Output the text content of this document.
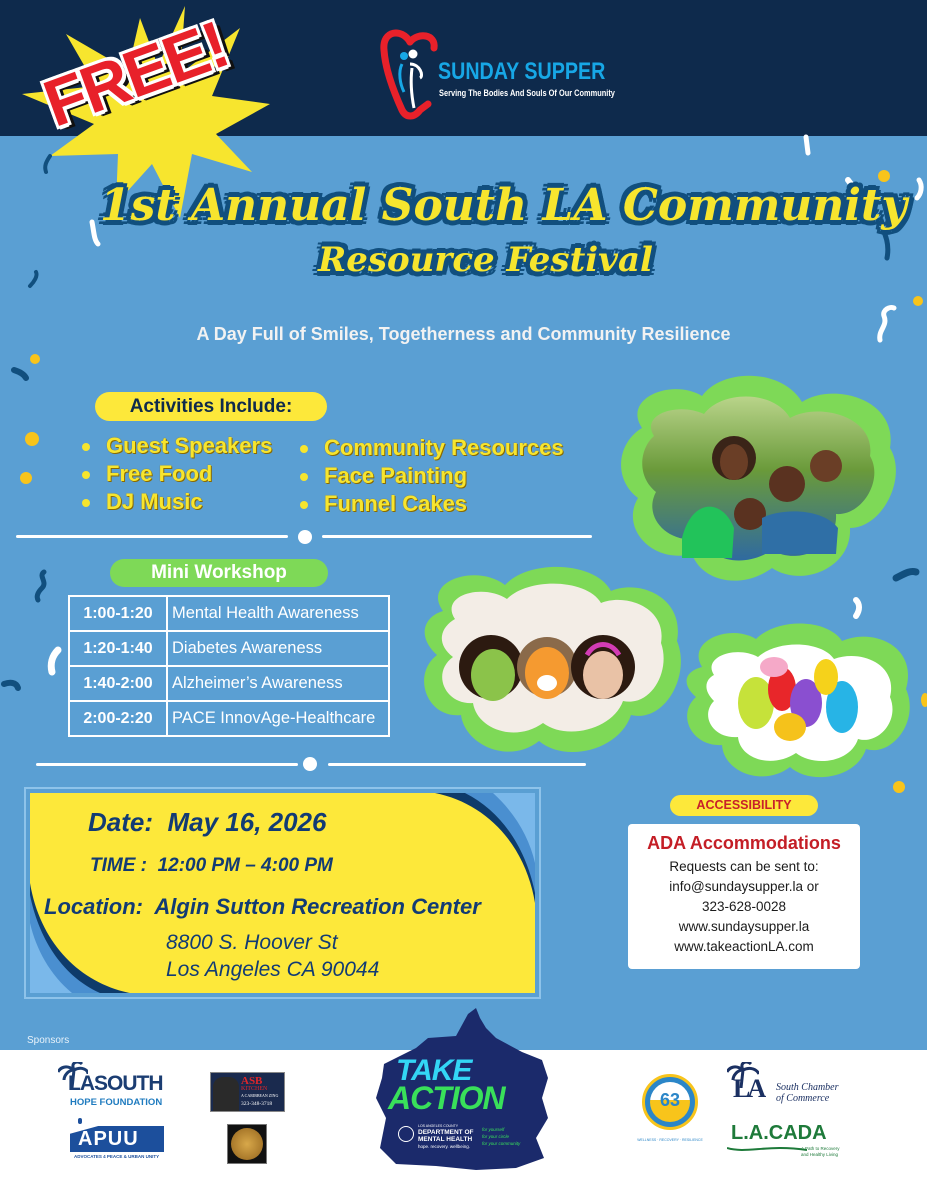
SUNDAY SUPPER
Serving The Bodies And Souls Of Our Community
FREE!
1st Annual South LA Community
Resource Festival
A Day Full of Smiles, Togetherness and Community Resilience
Activities Include:
Guest Speakers
Free Food
DJ Music
Community Resources
Face Painting
Funnel Cakes
Mini Workshop
1:00-1:20	Mental Health Awareness
1:20-1:40	Diabetes Awareness
1:40-2:00	Alzheimer’s Awareness
2:00-2:20	PACE InnovAge-Healthcare
Date: May 16, 2026
TIME : 12:00 PM – 4:00 PM
Location: Algin Sutton Recreation Center
8800 S. Hoover St
Los Angeles CA 90044
ACCESSIBILITY
ADA Accommodations
Requests can be sent to:
info@sundaysupper.la or
323-628-0028
www.sundaysupper.la
www.takeactionLA.com
Sponsors
LASOUTH
HOPE FOUNDATION
APUU
ADVOCATES 4 PEACE & URBAN UNITY
ASB
KITCHEN
A CARIBBEAN ZING
323-348-3718
TAKE
ACTION
LOS ANGELES COUNTY
DEPARTMENT OF
MENTAL HEALTH
hope. recovery. wellbeing.
for yourself
for your circle
for your community
63
WELLNESS · RECOVERY · RESILIENCE
LA South Chamber
of Commerce
L.A.CADA
A Path to Recovery
and Healthy Living
